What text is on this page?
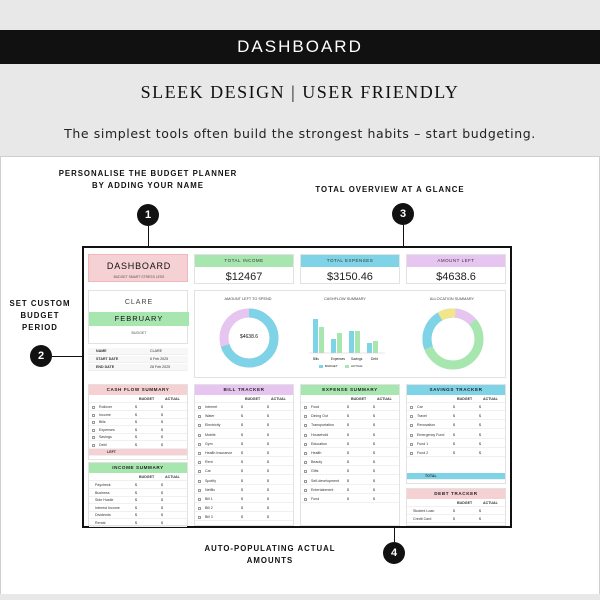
DASHBOARD
SLEEK DESIGN | USER FRIENDLY
The simplest tools often build the strongest habits – start budgeting.
PERSONALISE THE BUDGET PLANNER
BY ADDING YOUR NAME
1
SET CUSTOM
BUDGET
PERIOD
2
TOTAL OVERVIEW AT A GLANCE
3
AUTO-POPULATING ACTUAL
AMOUNTS
4
DASHBOARD
BUDGET SMART STRESS LESS
CLARE
FEBRUARY
BUDGET
NAME	CLARE
START DATE	6 Feb 2025
END DATE	28 Feb 2025
TOTAL INCOME
$12467
TOTAL EXPENSES
$3150.46
AMOUNT LEFT
$4638.6
AMOUNT LEFT TO SPEND
$4638.6
CASHFLOW SUMMARY
Bills	Expenses Savings	Debt
BUDGET	ACTUAL
ALLOCATION SUMMARY
CASH FLOW SUMMARY
BUDGET	ACTUAL
Rollover	$	$
Income	$	$
Bills	$	$
Expenses	$	$
Savings	$	$
Debt	$	$
LEFT
INCOME SUMMARY
BUDGET	ACTUAL
Paycheck	$	$
Business	$	$
Side Hustle	$	$
Interest Income	$	$
Dividends	$	$
Rental	$	$
BILL TRACKER
BUDGET	ACTUAL
Internet	$	$
Water	$	$
Electricity	$	$
Mobile	$	$
Gym	$	$
Health Insurance $	$
Rent	$	$
Car	$	$
Spotify	$	$
Netflix	$	$
Bill 1	$	$
Bill 2	$	$
Bill 3	$	$
EXPENSE SUMMARY
BUDGET	ACTUAL
Food	$	$
Dining Out	$	$
Transportation	$	$
Household	$	$
Education	$	$
Health	$	$
Beauty	$	$
Gifts	$	$
Self-development $	$
Entertainment	$	$
Fund	$	$
SAVINGS TRACKER
BUDGET	ACTUAL
Car	$	$
Travel	$	$
Renovation	$	$
Emergency Fund $	$
Fund 1	$	$
Fund 2	$	$
TOTAL
DEBT TRACKER
BUDGET	ACTUAL
Student Loan	$	$
Credit Card	$	$
